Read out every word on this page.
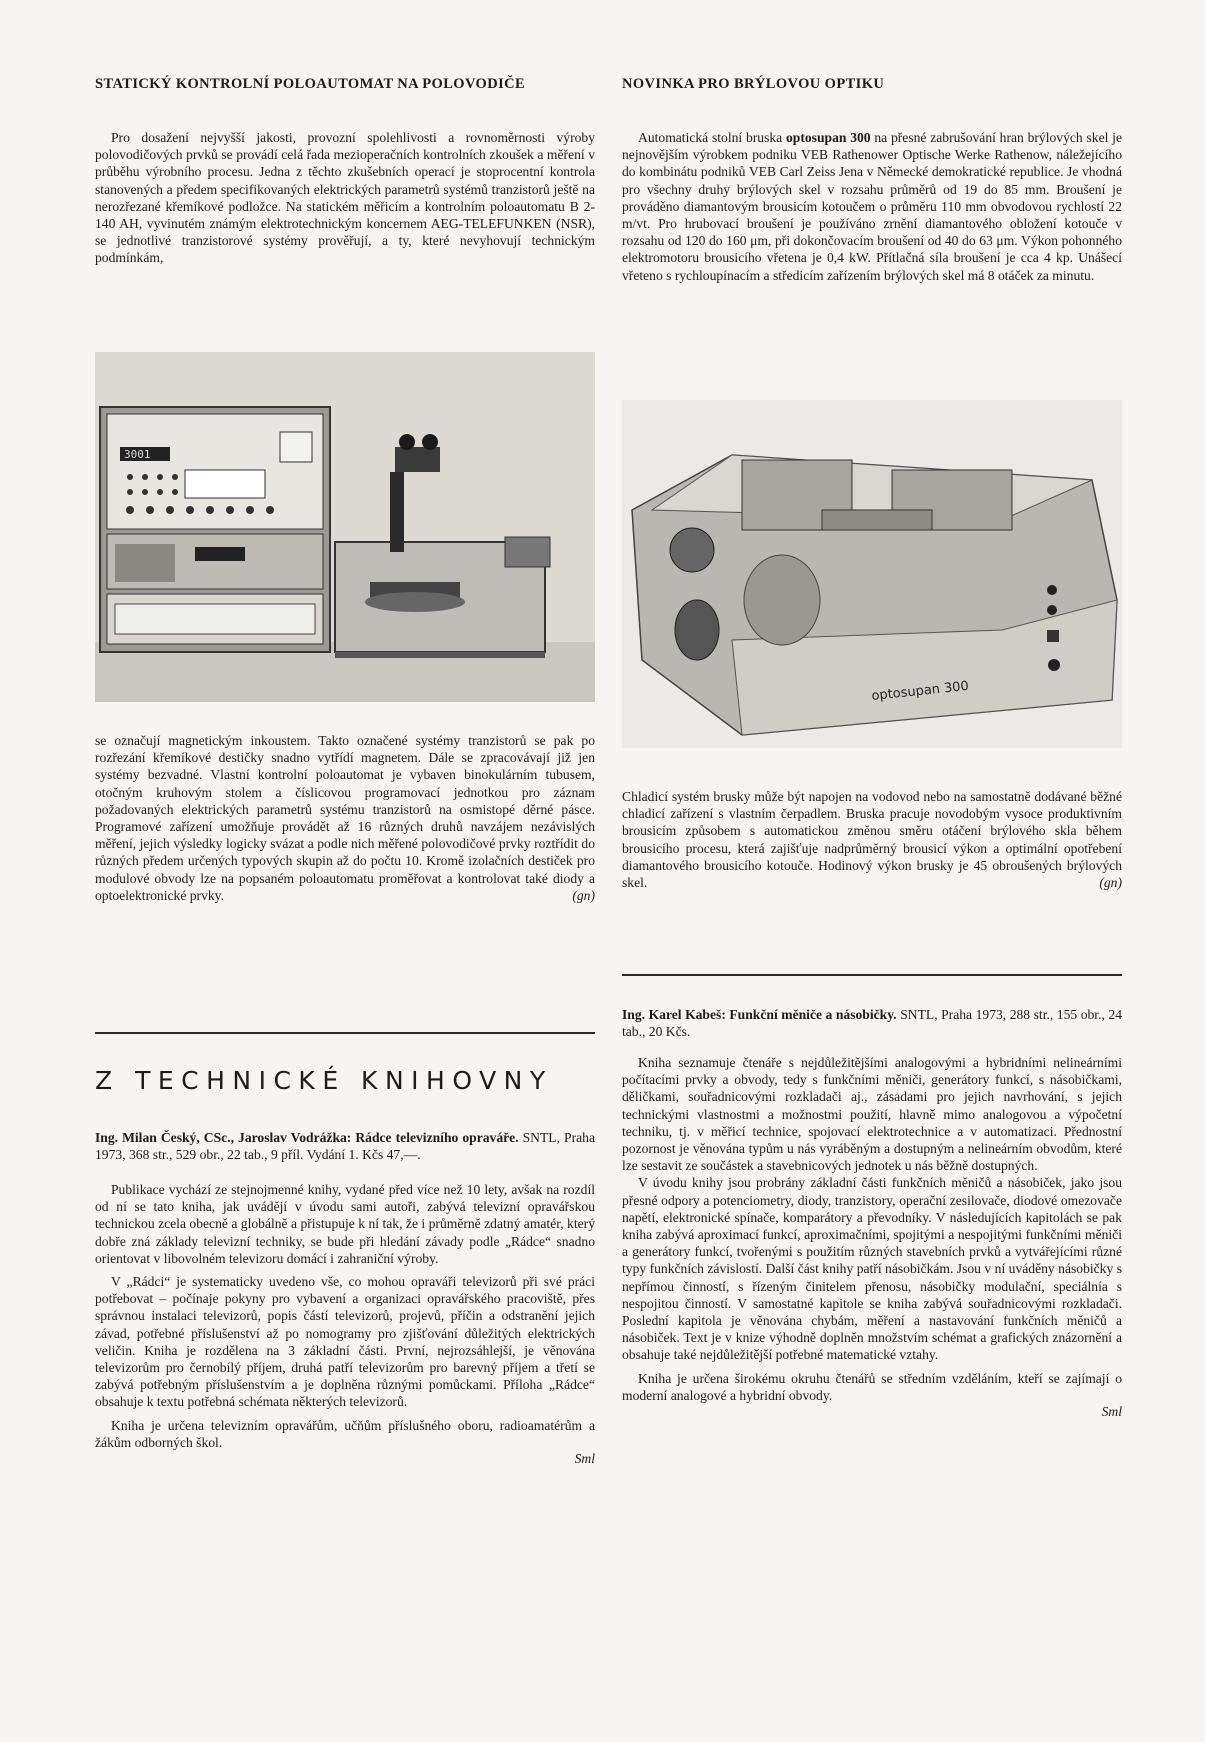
STATICKÝ KONTROLNÍ POLOAUTOMAT NA POLOVODIČE

Pro dosažení nejvyšší jakosti, provozní spolehlivosti a rovnoměrnosti výroby polovodičových prvků se provádí celá řada mezioperačních kontrolních zkoušek a měření v průběhu výrobního procesu. Jedna z těchto zkušebních operací je stoprocentní kontrola stanovených a předem specifikovaných elektrických parametrů systémů tranzistorů ještě na nerozřezané křemíkové podložce. Na statickém měřicím a kontrolním poloautomatu B 2-140 AH, vyvinutém známým elektrotechnickým koncernem AEG-TELEFUNKEN (NSR), se jednotlivé tranzistorové systémy prověřují, a ty, které nevyhovují technickým podmínkám,

3001

se označují magnetickým inkoustem. Takto označené systémy tranzistorů se pak po rozřezání křemíkové destičky snadno vytřídí magnetem. Dále se zpracovávají již jen systémy bezvadné. Vlastní kontrolní poloautomat je vybaven binokulárním tubusem, otočným kruhovým stolem a číslicovou programovací jednotkou pro záznam požadovaných elektrických parametrů systému tranzistorů na osmistopé děrné pásce. Programové zařízení umožňuje provádět až 16 různých druhů navzájem nezávislých měření, jejich výsledky logicky svázat a podle nich měřené polovodičové prvky roztřídit do různých předem určených typových skupin až do počtu 10. Kromě izolačních destiček pro modulové obvody lze na popsaném poloautomatu proměřovat a kontrolovat také diody a optoelektronické prvky.	(gn)

NOVINKA PRO BRÝLOVOU OPTIKU

Automatická stolní bruska optosupan 300 na přesné zabrušování hran brýlových skel je nejnovějším výrobkem podniku VEB Rathenower Optische Werke Rathenow, náležejícího do kombinátu podniků VEB Carl Zeiss Jena v Německé demokratické republice. Je vhodná pro všechny druhy brýlových skel v rozsahu průměrů od 19 do 85 mm. Broušení je prováděno diamantovým brousicím kotoučem o průměru 110 mm obvodovou rychlostí 22 m/vt. Pro hrubovací broušení je používáno zrnění diamantového obložení kotouče v rozsahu od 120 do 160 μm, při dokončovacím broušení od 40 do 63 μm. Výkon pohonného elektromotoru brousicího vřetena je 0,4 kW. Přítlačná síla broušení je cca 4 kp. Unášecí vřeteno s rychloupínacím a středicím zařízením brýlových skel má 8 otáček za minutu.

optosupan 300

Chladicí systém brusky může být napojen na vodovod nebo na samostatně dodávané běžné chladicí zařízení s vlastním čerpadlem. Bruska pracuje novodobým vysoce produktivním brousicím způsobem s automatickou změnou směru otáčení brýlového skla během brousicího procesu, která zajišťuje nadprůměrný brousicí výkon a optimální opotřebení diamantového brousicího kotouče. Hodinový výkon brusky je 45 obroušených brýlových skel.	(gn)

Z TECHNICKÉ KNIHOVNY

Ing. Milan Český, CSc., Jaroslav Vodrážka: Rádce televizního opraváře. SNTL, Praha 1973, 368 str., 529 obr., 22 tab., 9 příl. Vydání 1. Kčs 47,—.

Publikace vychází ze stejnojmenné knihy, vydané před více než 10 lety, avšak na rozdíl od ní se tato kniha, jak uvádějí v úvodu sami autoři, zabývá televizní opravářskou technickou zcela obecně a globálně a přistupuje k ní tak, že i průměrně zdatný amatér, který dobře zná základy televizní techniky, se bude při hledání závady podle „Rádce“ snadno orientovat v libovolném televizoru domácí i zahraniční výroby.

V „Rádci“ je systematicky uvedeno vše, co mohou opraváři televizorů při své práci potřebovat – počínaje pokyny pro vybavení a organizaci opravářského pracoviště, přes správnou instalaci televizorů, popis částí televizorů, projevů, příčin a odstranění jejich závad, potřebné příslušenství až po nomogramy pro zjišťování důležitých elektrických veličin. Kniha je rozdělena na 3 základní části. První, nejrozsáhlejší, je věnována televizorům pro černobílý příjem, druhá patří televizorům pro barevný příjem a třetí se zabývá potřebným příslušenstvím a je doplněna různými pomůckami. Příloha „Rádce“ obsahuje k textu potřebná schémata některých televizorů.

Kniha je určena televizním opravářům, učňům příslušného oboru, radioamatérům a žákům odborných škol.

Sml

Ing. Karel Kabeš: Funkční měniče a násobičky. SNTL, Praha 1973, 288 str., 155 obr., 24 tab., 20 Kčs.

Kniha seznamuje čtenáře s nejdůležitějšími analogovými a hybridními nelineárními počítacími prvky a obvody, tedy s funkčními měniči, generátory funkcí, s násobičkami, děličkami, souřadnicovými rozkladači aj., zásadami pro jejich navrhování, s jejich technickými vlastnostmi a možnostmi použití, hlavně mimo analogovou a výpočetní techniku, tj. v měřicí technice, spojovací elektrotechnice a v automatizaci. Přednostní pozornost je věnována typům u nás vyráběným a dostupným a nelineárním obvodům, které lze sestavit ze součástek a stavebnicových jednotek u nás běžně dostupných.

V úvodu knihy jsou probrány základní části funkčních měničů a násobiček, jako jsou přesné odpory a potenciometry, diody, tranzistory, operační zesilovače, diodové omezovače napětí, elektronické spínače, komparátory a převodníky. V následujících kapitolách se pak kniha zabývá aproximací funkcí, aproximačními, spojitými a nespojitými funkčními měniči a generátory funkcí, tvořenými s použitím různých stavebních prvků a vytvářejícími různé typy funkčních závislostí. Další část knihy patří násobičkám. Jsou v ní uváděny násobičky s nepřímou činností, s řízeným činitelem přenosu, násobičky modulační, speciálnía s nespojitou činností. V samostatné kapitole se kniha zabývá souřadnicovými rozkladači. Poslední kapitola je věnována chybám, měření a nastavování funkčních měničů a násobiček. Text je v knize výhodně doplněn množstvím schémat a grafických znázornění a obsahuje také nejdůležitější potřebné matematické vztahy.

Kniha je určena širokému okruhu čtenářů se středním vzděláním, kteří se zajímají o moderní analogové a hybridní obvody.

Sml
